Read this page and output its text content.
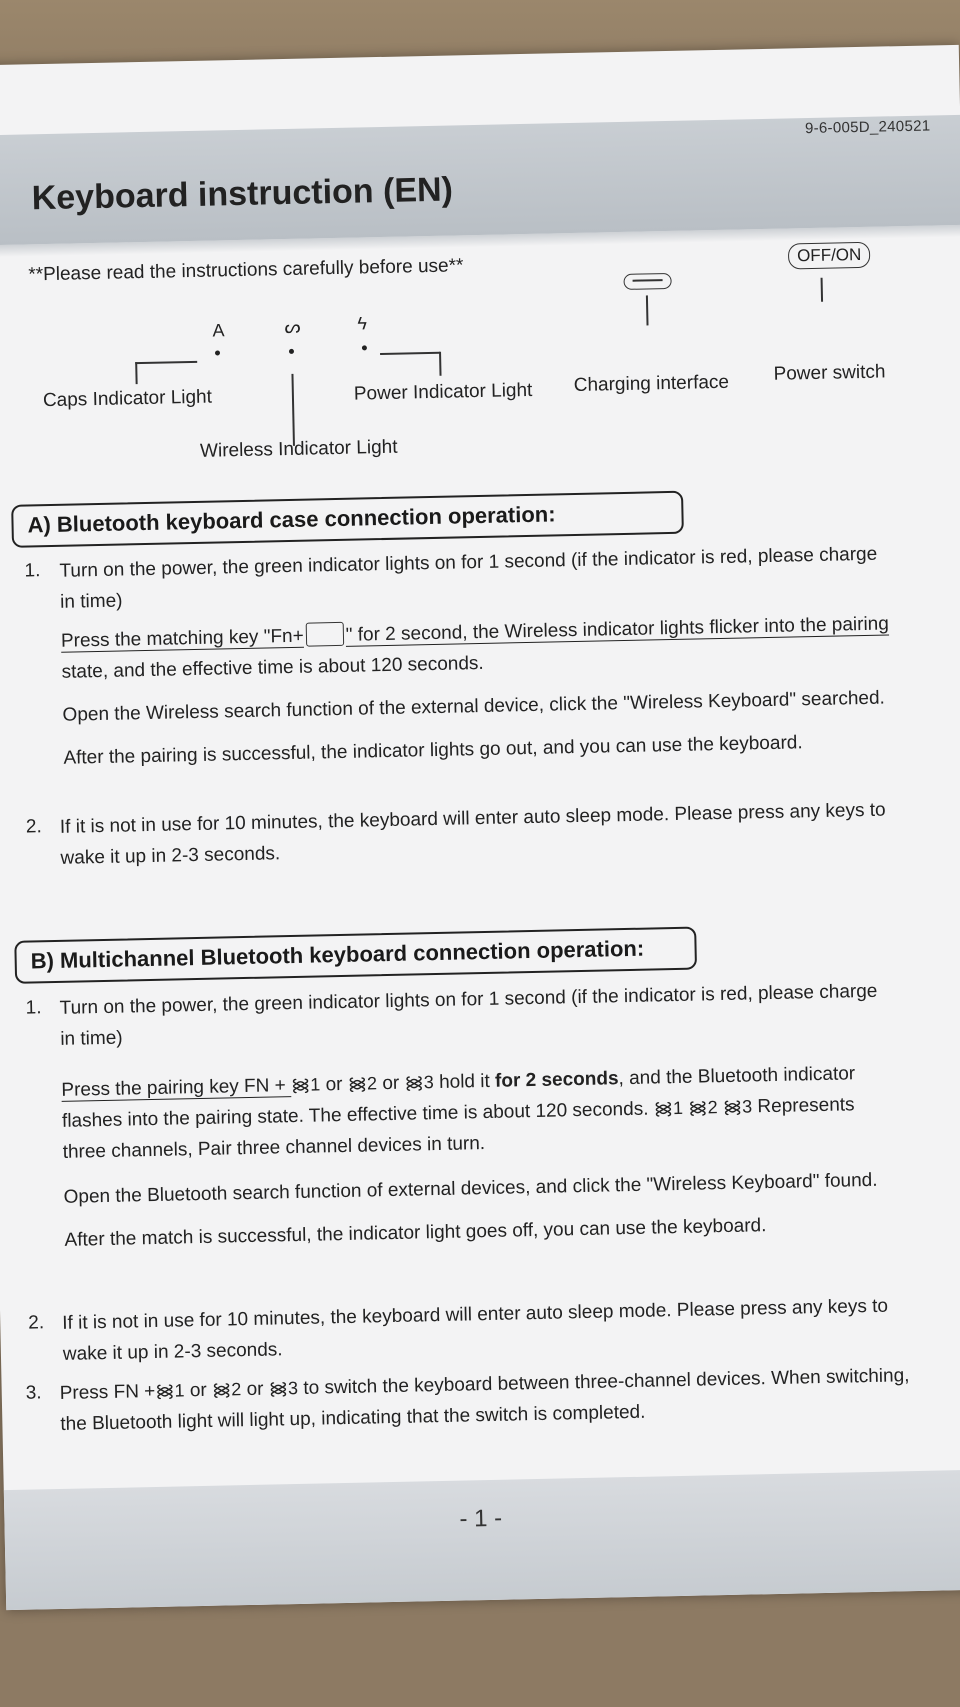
9-6-005D_240521
Keyboard instruction (EN)
**Please read the instructions carefully before use**
A	ᔕ	ϟ
OFF/ON
Caps Indicator Light	Power Indicator Light Charging interface Power switch
Wireless Indicator Light
A) Bluetooth keyboard case connection operation:
1. Turn on the power, the green indicator lights on for 1 second (if the indicator is red, please charge
in time)
Press the matching key "Fn+ " for 2 second, the Wireless indicator lights flicker into the pairing
state, and the effective time is about 120 seconds.
Open the Wireless search function of the external device, click the "Wireless Keyboard" searched.
After the pairing is successful, the indicator lights go out, and you can use the keyboard.
2. If it is not in use for 10 minutes, the keyboard will enter auto sleep mode. Please press any keys to
wake it up in 2-3 seconds.
B) Multichannel Bluetooth keyboard connection operation:
1. Turn on the power, the green indicator lights on for 1 second (if the indicator is red, please charge
in time)
Press the pairing key FN + ᯼1 or ᯼2 or ᯼3 hold it for 2 seconds, and the Bluetooth indicator
flashes into the pairing state. The effective time is about 120 seconds. ᯼1 ᯼2 ᯼3 Represents
three channels, Pair three channel devices in turn.
Open the Bluetooth search function of external devices, and click the "Wireless Keyboard" found.
After the match is successful, the indicator light goes off, you can use the keyboard.
2. If it is not in use for 10 minutes, the keyboard will enter auto sleep mode. Please press any keys to
wake it up in 2-3 seconds.
3. Press FN +᯼1 or ᯼2 or ᯼3 to switch the keyboard between three-channel devices. When switching,
the Bluetooth light will light up, indicating that the switch is completed.
- 1 -
